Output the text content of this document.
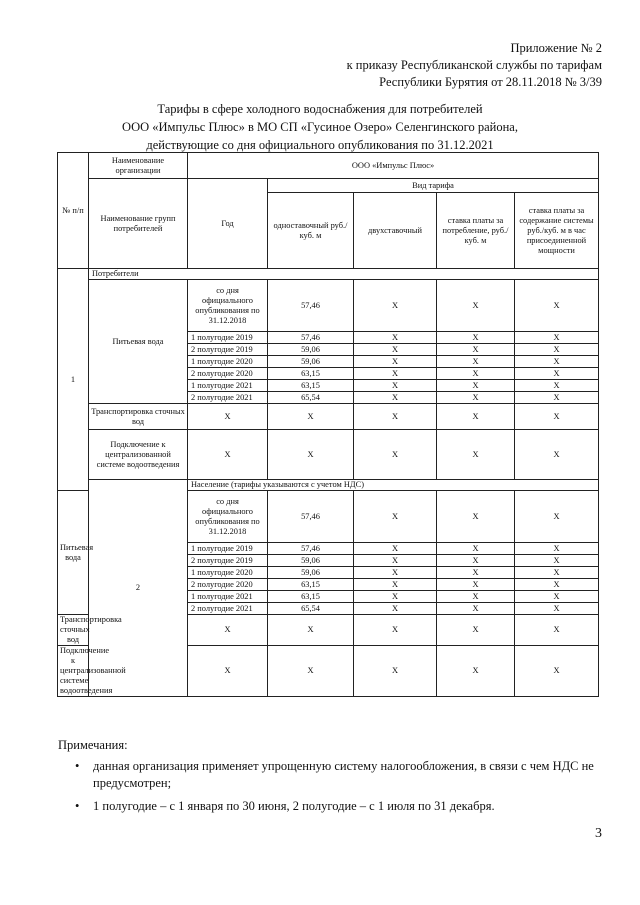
Приложение № 2
к приказу Республиканской службы по тарифам
Республики Бурятия от 28.11.2018 № 3/39
Тарифы в сфере холодного водоснабжения для потребителей
ООО «Импульс Плюс» в МО СП «Гусиное Озеро» Селенгинского района,
действующие со дня официального опубликования по 31.12.2021
№ п/п	Наименование организации	ООО «Импульс Плюс»				
	Наименование групп потребителей	Год	Вид тарифа			
			одноставочный руб./ куб. м	двухставочный	ставка платы за потребление, руб./ куб. м	ставка платы за содержание системы руб./куб. м в час присоединенной мощности
1	Потребители					
	Питьевая вода	со дня официального опубликования по 31.12.2018	57,46	Х	Х	Х
		1 полугодие 2019	57,46	Х	Х	Х
		2 полугодие 2019	59,06	Х	Х	Х
		1 полугодие 2020	59,06	Х	Х	Х
		2 полугодие 2020	63,15	Х	Х	Х
		1 полугодие 2021	63,15	Х	Х	Х
		2 полугодие 2021	65,54	Х	Х	Х
	Транспортировка сточных вод	Х	Х	Х	Х	Х
	Подключение к централизованной системе водоотведения	Х	Х	Х	Х	Х
	2	Население (тарифы указываются с учетом НДС)				
Питьевая вода		со дня официального опубликования по 31.12.2018	57,46	Х	Х	Х
		1 полугодие 2019	57,46	Х	Х	Х
		2 полугодие 2019	59,06	Х	Х	Х
		1 полугодие 2020	59,06	Х	Х	Х
		2 полугодие 2020	63,15	Х	Х	Х
		1 полугодие 2021	63,15	Х	Х	Х
		2 полугодие 2021	65,54	Х	Х	Х
Транспортировка сточных вод		Х	Х	Х	Х	Х
Подключение к централизованной системе водоотведения		Х	Х	Х	Х	Х
Примечания:
• данная организация применяет упрощенную систему налогообложения, в связи с чем НДС не предусмотрен;
• 1 полугодие – с 1 января по 30 июня, 2 полугодие – с 1 июля по 31 декабря.
3
